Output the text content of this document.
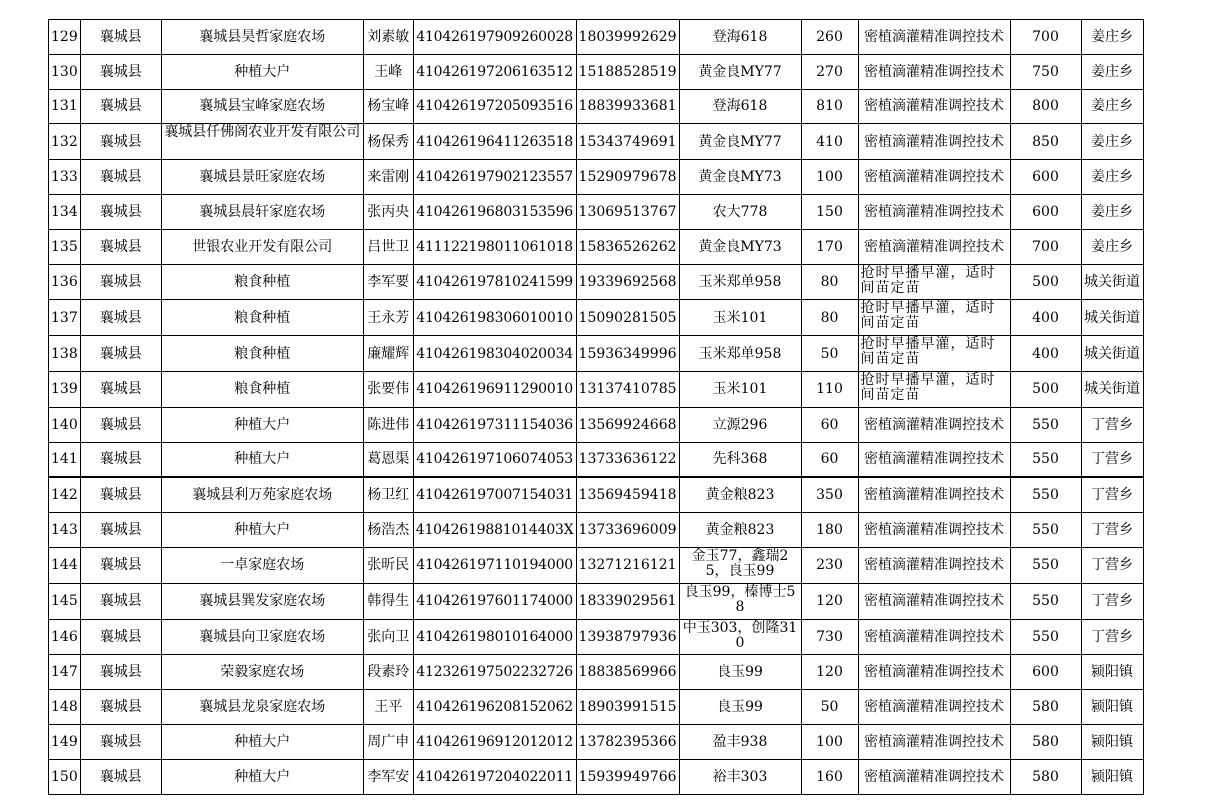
129	襄城县	襄城县昊哲家庭农场	刘素敏	410426197909260028	18039992629	登海618	260	密植滴灌精准调控技术	700	姜庄乡
130	襄城县	种植大户	王峰	410426197206163512	15188528519	黄金良MY77	270	密植滴灌精准调控技术	750	姜庄乡
131	襄城县	襄城县宝峰家庭农场	杨宝峰	410426197205093516	18839933681	登海618	810	密植滴灌精准调控技术	800	姜庄乡
132	襄城县	襄城县仟佛阁农业开发有限公司	杨保秀	410426196411263518	15343749691	黄金良MY77	410	密植滴灌精准调控技术	850	姜庄乡
133	襄城县	襄城县景旺家庭农场	来雷刚	410426197902123557	15290979678	黄金良MY73	100	密植滴灌精准调控技术	600	姜庄乡
134	襄城县	襄城县晨轩家庭农场	张丙央	410426196803153596	13069513767	农大778	150	密植滴灌精准调控技术	600	姜庄乡
135	襄城县	世银农业开发有限公司	吕世卫	411122198011061018	15836526262	黄金良MY73	170	密植滴灌精准调控技术	700	姜庄乡
136	襄城县	粮食种植	李军要	410426197810241599	19339692568	玉米郑单958	80	抢时早播早灌，适时间苗定苗	500	城关街道
137	襄城县	粮食种植	王永芳	410426198306010010	15090281505	玉米101	80	抢时早播早灌，适时间苗定苗	400	城关街道
138	襄城县	粮食种植	廉耀辉	410426198304020034	15936349996	玉米郑单958	50	抢时早播早灌，适时间苗定苗	400	城关街道
139	襄城县	粮食种植	张要伟	410426196911290010	13137410785	玉米101	110	抢时早播早灌，适时间苗定苗	500	城关街道
140	襄城县	种植大户	陈进伟	410426197311154036	13569924668	立源296	60	密植滴灌精准调控技术	550	丁营乡
141	襄城县	种植大户	葛恩渠	410426197106074053	13733636122	先科368	60	密植滴灌精准调控技术	550	丁营乡
142	襄城县	襄城县利万苑家庭农场	杨卫红	410426197007154031	13569459418	黄金粮823	350	密植滴灌精准调控技术	550	丁营乡
143	襄城县	种植大户	杨浩杰	41042619881014403X	13733696009	黄金粮823	180	密植滴灌精准调控技术	550	丁营乡
144	襄城县	一卓家庭农场	张昕民	410426197110194000	13271216121	金玉77，鑫瑞25，良玉99	230	密植滴灌精准调控技术	550	丁营乡
145	襄城县	襄城县巽发家庭农场	韩得生	410426197601174000	18339029561	良玉99，榛博士58	120	密植滴灌精准调控技术	550	丁营乡
146	襄城县	襄城县向卫家庭农场	张向卫	410426198010164000	13938797936	中玉303，创隆310	730	密植滴灌精准调控技术	550	丁营乡
147	襄城县	荣毅家庭农场	段素玲	412326197502232726	18838569966	良玉99	120	密植滴灌精准调控技术	600	颍阳镇
148	襄城县	襄城县龙泉家庭农场	王平	410426196208152062	18903991515	良玉99	50	密植滴灌精准调控技术	580	颍阳镇
149	襄城县	种植大户	周广申	410426196912012012	13782395366	盈丰938	100	密植滴灌精准调控技术	580	颍阳镇
150	襄城县	种植大户	李军安	410426197204022011	15939949766	裕丰303	160	密植滴灌精准调控技术	580	颍阳镇
